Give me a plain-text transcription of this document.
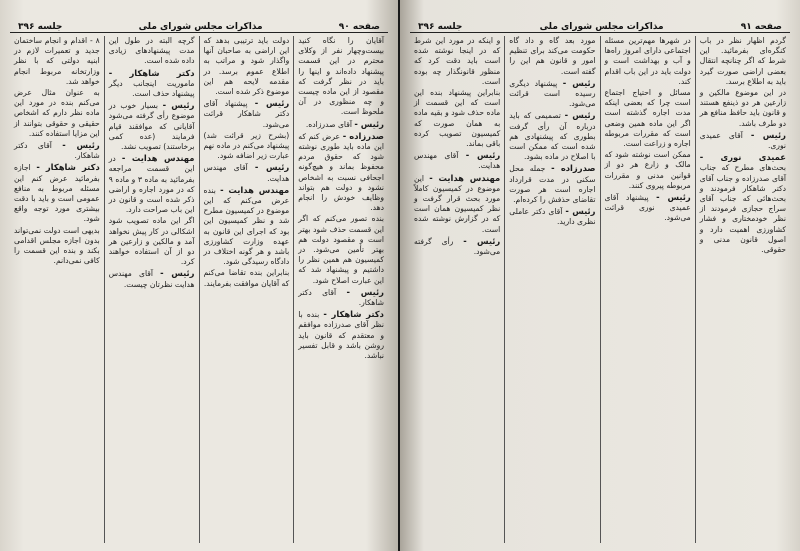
صفحه ۹۰
مذاکرات مجلس شورای ملی
جلسه ۳۹۶

آقایان را نگاه کنید بیست‌وچهار نفر از وکلای محترم در این قسمت پیشنهاد داده‌اند و اینها را باید در نظر گرفت که مقصود از این ماده چیست و چه منظوری در آن ملحوظ است.

رئیس - آقای صدرزاده.

صدرزاده - عرض کنم که این ماده باید طوری نوشته شود که حقوق مردم محفوظ بماند و هیچ‌گونه اجحافی نسبت به اشخاص نشود و دولت هم بتواند وظایف خودش را انجام دهد.

بنده تصور می‌کنم که اگر این قسمت حذف شود بهتر است و مقصود دولت هم بهتر تأمین می‌شود. در کمیسیون هم همین نظر را داشتیم و پیشنهاد شد که این عبارت اصلاح شود.

رئیس - آقای دکتر شاهکار.

دکتر شاهکار - بنده با نظر آقای صدرزاده موافقم و معتقدم که قانون باید روشن باشد و قابل تفسیر نباشد.

دولت باید ترتیبی بدهد که این اراضی به صاحبان آنها واگذار شود و مراتب به اطلاع عموم برسد. در مقدمه لایحه هم این موضوع ذکر شده است.

رئیس - پیشنهاد آقای دکتر شاهکار قرائت می‌شود.

(بشرح زیر قرائت شد) پیشنهاد می‌کنم در ماده نهم عبارت زیر اضافه شود.

رئیس - آقای مهندس هدایت.

مهندس هدایت - بنده عرض می‌کنم که این موضوع در کمیسیون مطرح شد و نظر کمیسیون این بود که اجرای این قانون به عهده وزارت کشاورزی باشد و هر گونه اختلاف در دادگاه رسیدگی شود.

بنابراین بنده تقاضا می‌کنم که آقایان موافقت بفرمایند.

گرچه البته در طول این مدت پیشنهادهای زیادی داده شده است.

دکتر شاهکار - ماموریت اینجانب دیگر پیشنهاد حذف است.

رئیس - بسیار خوب در موضوع رأی گرفته می‌شود آقایانی که موافقند قیام فرمایند (عده کمی برخاستند) تصویب نشد.

مهندس هدایت - در این قسمت مراجعه بفرمائید به ماده ۳ و ماده ۹ که در مورد اجاره و اراضی ذکر شده است و قانون در این باب صراحت دارد.

اگر این ماده تصویب شود اشکالی در کار پیش نخواهد آمد و مالکین و زارعین هر دو از آن استفاده خواهند کرد.

رئیس - آقای مهندس هدایت نظرتان چیست.

۸ - اقدام و انجام ساختمان جدید و تعمیرات لازم در ابنیه دولتی که با نظر وزارتخانه مربوط انجام خواهد شد.

به عنوان مثال عرض می‌کنم بنده در مورد این ماده نظر دارم که اشخاص حقیقی و حقوقی بتوانند از این مزایا استفاده کنند.

رئیس - آقای دکتر شاهکار.

دکتر شاهکار - اجازه بفرمائید عرض کنم این مسئله مربوط به منافع عمومی است و باید با دقت بیشتری مورد توجه واقع شود.

بدیهی است دولت نمی‌تواند بدون اجازه مجلس اقدامی بکند و بنده این قسمت را کافی نمی‌دانم.

صفحه ۹۱
مذاکرات مجلس شورای ملی
جلسه ۳۹۶

گردم اظهار نظر در باب کنگره‌ای بفرمائید. این شرط که اگر چنانچه انتقال بعضی اراضی صورت گیرد باید به اطلاع برسد.

در این موضوع مالکین و زارعین هر دو ذینفع هستند و قانون باید حافظ منافع هر دو طرف باشد.

رئیس - آقای عمیدی نوری.

عمیدی نوری - بحث‌های مطرح که جناب آقای صدرزاده و جناب آقای دکتر شاهکار فرمودند و بحث‌هائی که جناب آقای سراج حجازی فرمودند از نظر خودمختاری و فشار کشاورزی اهمیت دارد و اصول قانون مدنی و حقوقی.

در شهرها مهم‌ترین مسئله اجتماعی دارای امروز راه‌ها و آب و بهداشت است و دولت باید در این باب اقدام کند.

مسائل و احتیاج اجتماع است چرا که بعضی اینکه مدت اجاره گذشته است اگر این ماده همین وضعی است که مقررات مربوطه اجاره و زراعت است.

ممکن است نوشته شود که مالک و زارع هر دو از قوانین مدنی و مقررات مربوطه پیروی کنند.

رئیس - پیشنهاد آقای عمیدی نوری قرائت می‌شود.

مورد بعد گاه و داد گاه حکومت می‌کند برای تنظیم امور و قانون هم این را گفته است.

رئیس - پیشنهاد دیگری رسیده است قرائت می‌شود.

رئیس - تصمیمی که باید درباره آن رأی گرفت بطوری که پیشنهادی هم شده است که ممکن است با اصلاح در ماده بشود.

صدرزاده - جمله محل سکنی در مدت قرارداد اجاره است هر صورت تقاضای حذفش را کرده‌ام.

رئیس - آقای دکتر عاملی نظری دارید.

و اینکه در مورد این شرط که در اینجا نوشته شده است باید دقت کرد که منظور قانونگذار چه بوده است.

بنابراین پیشنهاد بنده این است که این قسمت از ماده حذف شود و بقیه ماده به همان صورت که کمیسیون تصویب کرده باقی بماند.

رئیس - آقای مهندس هدایت.

مهندس هدایت - این موضوع در کمیسیون کاملاً مورد بحث قرار گرفت و نظر کمیسیون همان است که در گزارش نوشته شده است.

رئیس - رأی گرفته می‌شود.
